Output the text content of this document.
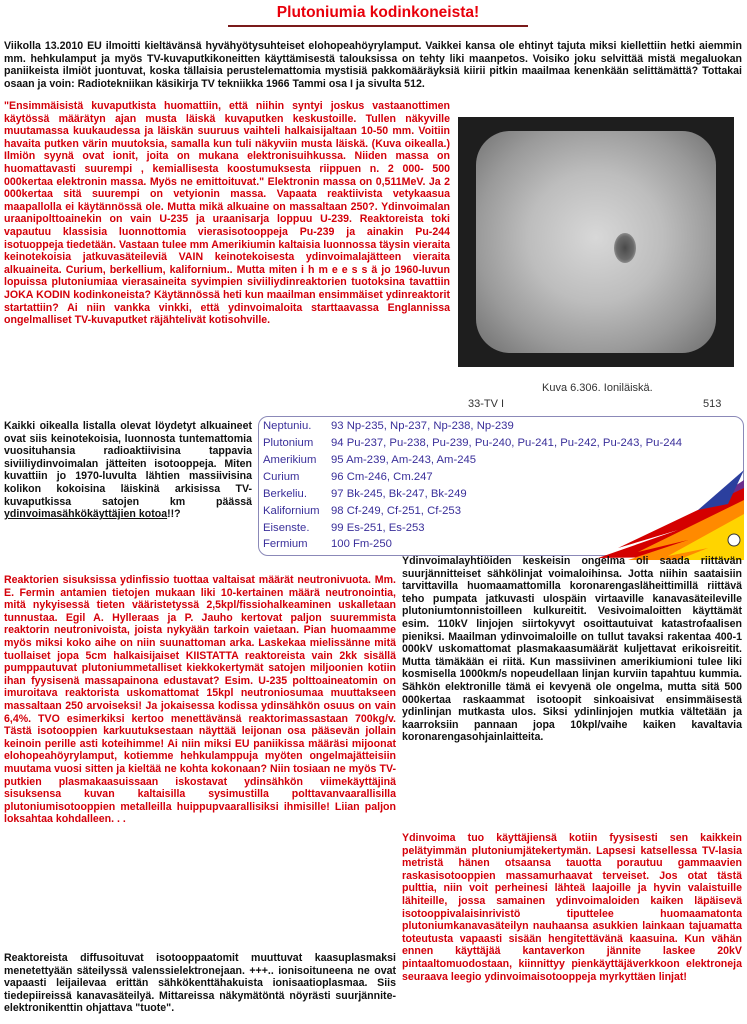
Plutoniumia kodinkoneista!

Viikolla 13.2010 EU ilmoitti kieltävänsä hyvähyötysuhteiset elohopeahöyrylamput. Vaikkei kansa ole ehtinyt tajuta miksi kiellettiin hetki aiemmin mm. hehkulamput ja myös TV-kuvaputkikoneitten käyttämisestä talouksissa on tehty liki maanpetos. Voisiko joku selvittää mistä megaluokan paniikeista ilmiöt juontuvat, koska tällaisia perustelemattomia mystisiä pakkomääräyksiä kiirii pitkin maailmaa kenenkään selittämättä? Tottakai osaan ja voin: Radiotekniikan käsikirja TV tekniikka 1966 Tammi osa I ja sivulta 512.

"Ensimmäisistä kuvaputkista huomattiin, että niihin syntyi joskus vastaanottimen käytössä määrätyn ajan musta läiskä kuvaputken keskustoille. Tullen näkyville muutamassa kuukaudessa ja läiskän suuruus vaihteli halkaisijaltaan 10-50 mm. Voitiin havaita putken värin muutoksia, samalla kun tuli näkyviin musta läiskä. (Kuva oikealla.) Ilmiön syynä ovat ionit, joita on mukana elektronisuihkussa. Niiden massa on huomattavasti suurempi , kemiallisesta koostumuksesta riippuen n. 2 000- 500 000kertaa elektronin massa. Myös ne emittoituvat." Elektronin massa on 0,511MeV. Ja 2 000kertaa sitä suurempi on vetyionin massa. Vapaata reaktiivista vetykaasua maapallolla ei käytännössä ole. Mutta mikä alkuaine on massaltaan 250?. Ydinvoimalan uraanipolttoainekin on vain U-235 ja uraanisarja loppuu U-239. Reaktoreista toki vapautuu klassisia luonnottomia vierasisotooppeja Pu-239 ja ainakin Pu-244 isotuoppeja tiedetään. Vastaan tulee mm Amerikiumin kaltaisia luonnossa täysin vieraita keinotekoisia jatkuvasäteileviä VAIN keinotekoisesta ydinvoimalajätteen vieraita alkuaineita. Curium, berkellium, kalifornium.. Mutta miten i h m e e s s ä jo 1960-luvun lopuissa plutoniumiaa vierasaineita syvimpien siviiliydinreaktorien tuotoksina tavattiin JOKA KODIN kodinkoneista? Käytännössä heti kun maailman ensimmäiset ydinreaktorit startattiin? Ai niin vankka vinkki, että ydinvoimaloita starttaavassa Englannissa ongelmalliset TV-kuvaputket räjähtelivät kotisohville.

Kuva 6.306. Ioniläiskä.
33-TV I	513

Kaikki oikealla listalla olevat löydetyt alkuaineet ovat siis keinotekoisia, luonnosta tuntemattomia vuosituhansia radioaktiivisina tappavia siviiliydinvoimalan jätteiten isotooppeja. Miten kuvattiin jo 1970-luvulta lähtien massiivisina kolikon kokoisina läiskinä arkisissa TV-kuvaputkissa satojen km päässä ydinvoimasähkökäyttäjien kotoa!!?

Neptuniu. 93 Np-235, Np-237, Np-238, Np-239
Plutonium 94 Pu-237, Pu-238, Pu-239, Pu-240, Pu-241, Pu-242, Pu-243, Pu-244
Amerikium 95 Am-239, Am-243, Am-245
Curium	96 Cm-246, Cm.247
Berkeliu. 97 Bk-245, Bk-247, Bk-249
Kalifornium 98 Cf-249, Cf-251, Cf-253
Eisenste. 99 Es-251, Es-253
Fermium 100 Fm-250

Reaktorien sisuksissa ydinfissio tuottaa valtaisat määrät neutronivuota. Mm. E. Fermin antamien tietojen mukaan liki 10-kertainen määrä neutronointia, mitä nykyisessä tieten vääristetyssä 2,5kpl/fissiohalkeaminen uskalletaan tunnustaa. Egil A. Hylleraas ja P. Jauho kertovat paljon suuremmista reaktorin neutronivoista, joista nykyään tarkoin vaietaan. Pian huomaamme myös miksi koko aihe on niin suunattoman arka. Laskekaa mielissänne mitä tuollaiset jopa 5cm halkaisijaiset KIISTATTA reaktoreista vain 2kk sisällä pumppautuvat plutoniummetalliset kiekkokertymät satojen miljoonien kotiin ihan fyysisenä massapainona edustavat? Esim. U-235 polttoaineatomin on imuroitava reaktorista uskomattomat 15kpl neutroniosumaa muuttakseen massaltaan 250 arvoiseksi! Ja jokaisessa kodissa ydinsähkön osuus on vain 6,4%. TVO esimerkiksi kertoo menettävänsä reaktorimassastaan 700kg/v. Tästä isotooppien karkuutuksestaan näyttää leijonan osa pääsevän jollain keinoin perille asti koteihimme! Ai niin miksi EU paniikissa määräsi mijoonat elohopeahöyrylamput, kotiemme hehkulamppuja myöten ongelmajätteisiin muutama vuosi sitten ja kieltää ne kohta kokonaan? Niin tosiaan ne myös TV-putkien plasmakaasuissaan iskostavat ydinsähkön viimekäyttäjinä sisuksensa kuvan kaltaisilla sysimustilla polttavanvaarallisilla plutoniumisotooppien metalleilla huippupvaarallisiksi ihmisille! Liian paljon loksahtaa kohdalleen. . .

Reaktoreista diffusoituvat isotooppaatomit muuttuvat kaasuplasmaksi menetettyään säteilyssä valenssielektronejaan. +++.. ionisoituneena ne ovat vapaasti leijailevaa erittän sähkökenttähakuista ionisaatioplasmaa. Siis tiedepiireissä kanavasäteilyä. Mittareissa näkymätöntä nöyrästi suurjännite-elektronikenttin ohjattava "tuote".

Ydinvoimalayhtiöiden keskeisin ongelma oli saada riittävän suurjännitteiset sähkölinjat voimaloihinsa. Jotta niihin saataisiin tarvittavilla huomaamattomilla koronarengasläheittimillä riittävä teho pumpata jatkuvasti ulospäin virtaaville kanavasäteileville plutoniumtonnistoilleen kulkureitit. Vesivoimaloitten käyttämät esim. 110kV linjojen siirtokyvyt osoittautuivat katastrofaalisen pieniksi. Maailman ydinvoimaloille on tullut tavaksi rakentaa 400-1 000kV uskomattomat plasmakaasumäärät kuljettavat erikoisreitit. Mutta tämäkään ei riitä. Kun massiivinen amerikiumioni tulee liki kosmisella 1000km/s nopeudellaan linjan kurviin tapahtuu kummia. Sähkön elektronille tämä ei kevyenä ole ongelma, mutta sitä 500 000kertaa raskaammat isotoopit sinkoaisivat ensimmäisestä ydinlinjan mutkasta ulos. Siksi ydinlinjojen mutkia vältetään ja kaarroksiin pannaan jopa 10kpl/vaihe kaiken kavaltavia koronarengasohjainlaitteita.

Ydinvoima tuo käyttäjiensä kotiin fyysisesti sen kaikkein pelätyimmän plutoniumjätekertymän. Lapsesi katsellessa TV-lasia metristä hänen otsaansa tauotta porautuu gammaavien raskasisotooppien massamurhaavat terveiset. Jos otat tästä pulttia, niin voit perheinesi lähteä laajoille ja hyvin valaistuille lähiteille, jossa samainen ydinvoimaloiden kaiken läpäisevä isotooppivalaisinrivistö tiputtelee huomaamatonta plutoniumkanavasäteilyn nauhaansa asukkien lainkaan tajuamatta toteutusta vapaasti sisään hengitettävänä kaasuina. Kun vähän ennen käyttäjää kantaverkon jännite laskee 20kV pintaaltomuodostaan, kiinnittyy pienkäyttäjäverkkoon elektroneja seuraava leegio ydinvoimaisotooppeja myrkyttäen linjat!
